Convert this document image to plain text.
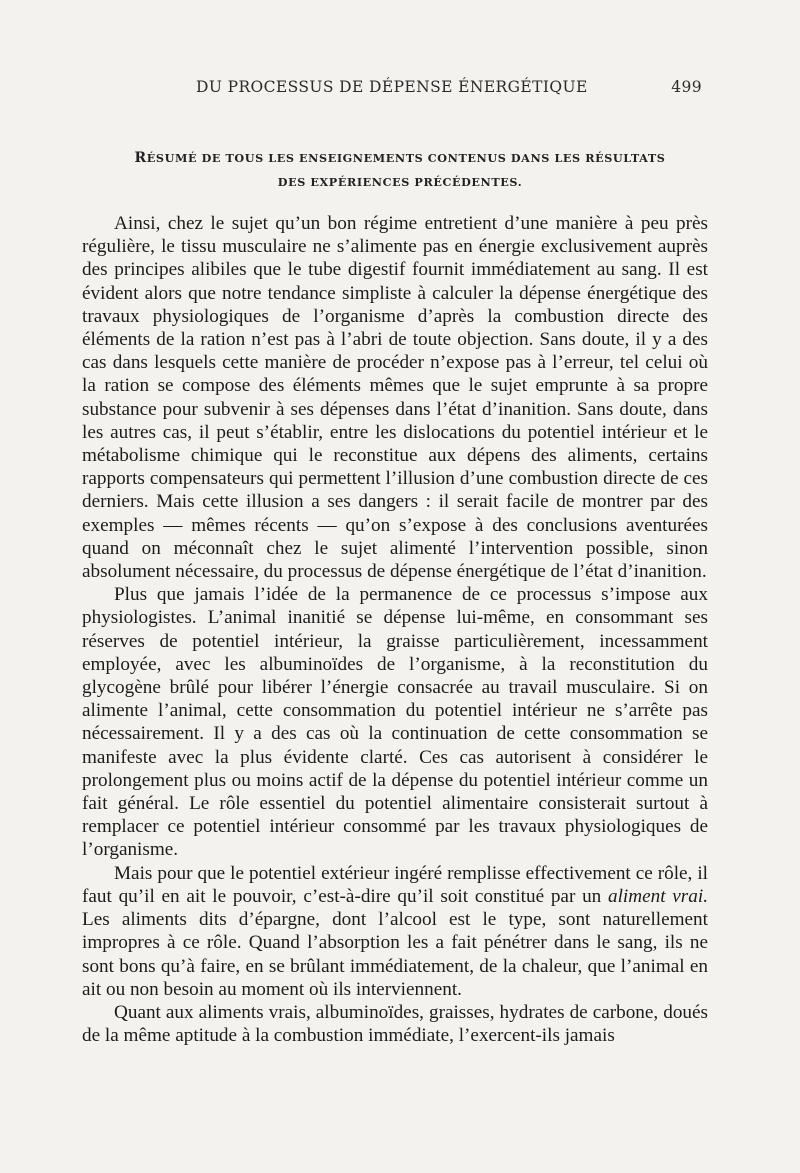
DU PROCESSUS DE DÉPENSE ÉNERGÉTIQUE	499
RÉSUMÉ DE TOUS LES ENSEIGNEMENTS CONTENUS DANS LES RÉSULTATS
DES EXPÉRIENCES PRÉCÉDENTES.

Ainsi, chez le sujet qu’un bon régime entretient d’une manière à peu près régulière, le tissu musculaire ne s’alimente pas en énergie exclusivement auprès des principes alibiles que le tube digestif fournit immédiatement au sang. Il est évident alors que notre tendance simpliste à calculer la dépense énergétique des travaux physiologiques de l’organisme d’après la combustion directe des éléments de la ration n’est pas à l’abri de toute objection. Sans doute, il y a des cas dans lesquels cette manière de procéder n’expose pas à l’erreur, tel celui où la ration se compose des éléments mêmes que le sujet emprunte à sa propre substance pour subvenir à ses dépenses dans l’état d’inanition. Sans doute, dans les autres cas, il peut s’établir, entre les dislocations du potentiel intérieur et le métabolisme chimique qui le reconstitue aux dépens des aliments, certains rapports compensateurs qui permettent l’illusion d’une combustion directe de ces derniers. Mais cette illusion a ses dangers : il serait facile de montrer par des exemples — mêmes récents — qu’on s’expose à des conclusions aventurées quand on méconnaît chez le sujet alimenté l’intervention possible, sinon absolument nécessaire, du processus de dépense énergétique de l’état d’inanition.

Plus que jamais l’idée de la permanence de ce processus s’impose aux physiologistes. L’animal inanitié se dépense lui-même, en consommant ses réserves de potentiel intérieur, la graisse particulièrement, incessamment employée, avec les albuminoïdes de l’organisme, à la reconstitution du glycogène brûlé pour libérer l’énergie consacrée au travail musculaire. Si on alimente l’animal, cette consommation du potentiel intérieur ne s’arrête pas nécessairement. Il y a des cas où la continuation de cette consommation se manifeste avec la plus évidente clarté. Ces cas autorisent à considérer le prolongement plus ou moins actif de la dépense du potentiel intérieur comme un fait général. Le rôle essentiel du potentiel alimentaire consisterait surtout à remplacer ce potentiel intérieur consommé par les travaux physiologiques de l’organisme.

Mais pour que le potentiel extérieur ingéré remplisse effectivement ce rôle, il faut qu’il en ait le pouvoir, c’est-à-dire qu’il soit constitué par un aliment vrai. Les aliments dits d’épargne, dont l’alcool est le type, sont naturellement impropres à ce rôle. Quand l’absorption les a fait pénétrer dans le sang, ils ne sont bons qu’à faire, en se brûlant immédiatement, de la chaleur, que l’animal en ait ou non besoin au moment où ils interviennent.

Quant aux aliments vrais, albuminoïdes, graisses, hydrates de carbone, doués de la même aptitude à la combustion immédiate, l’exercent-ils jamais
